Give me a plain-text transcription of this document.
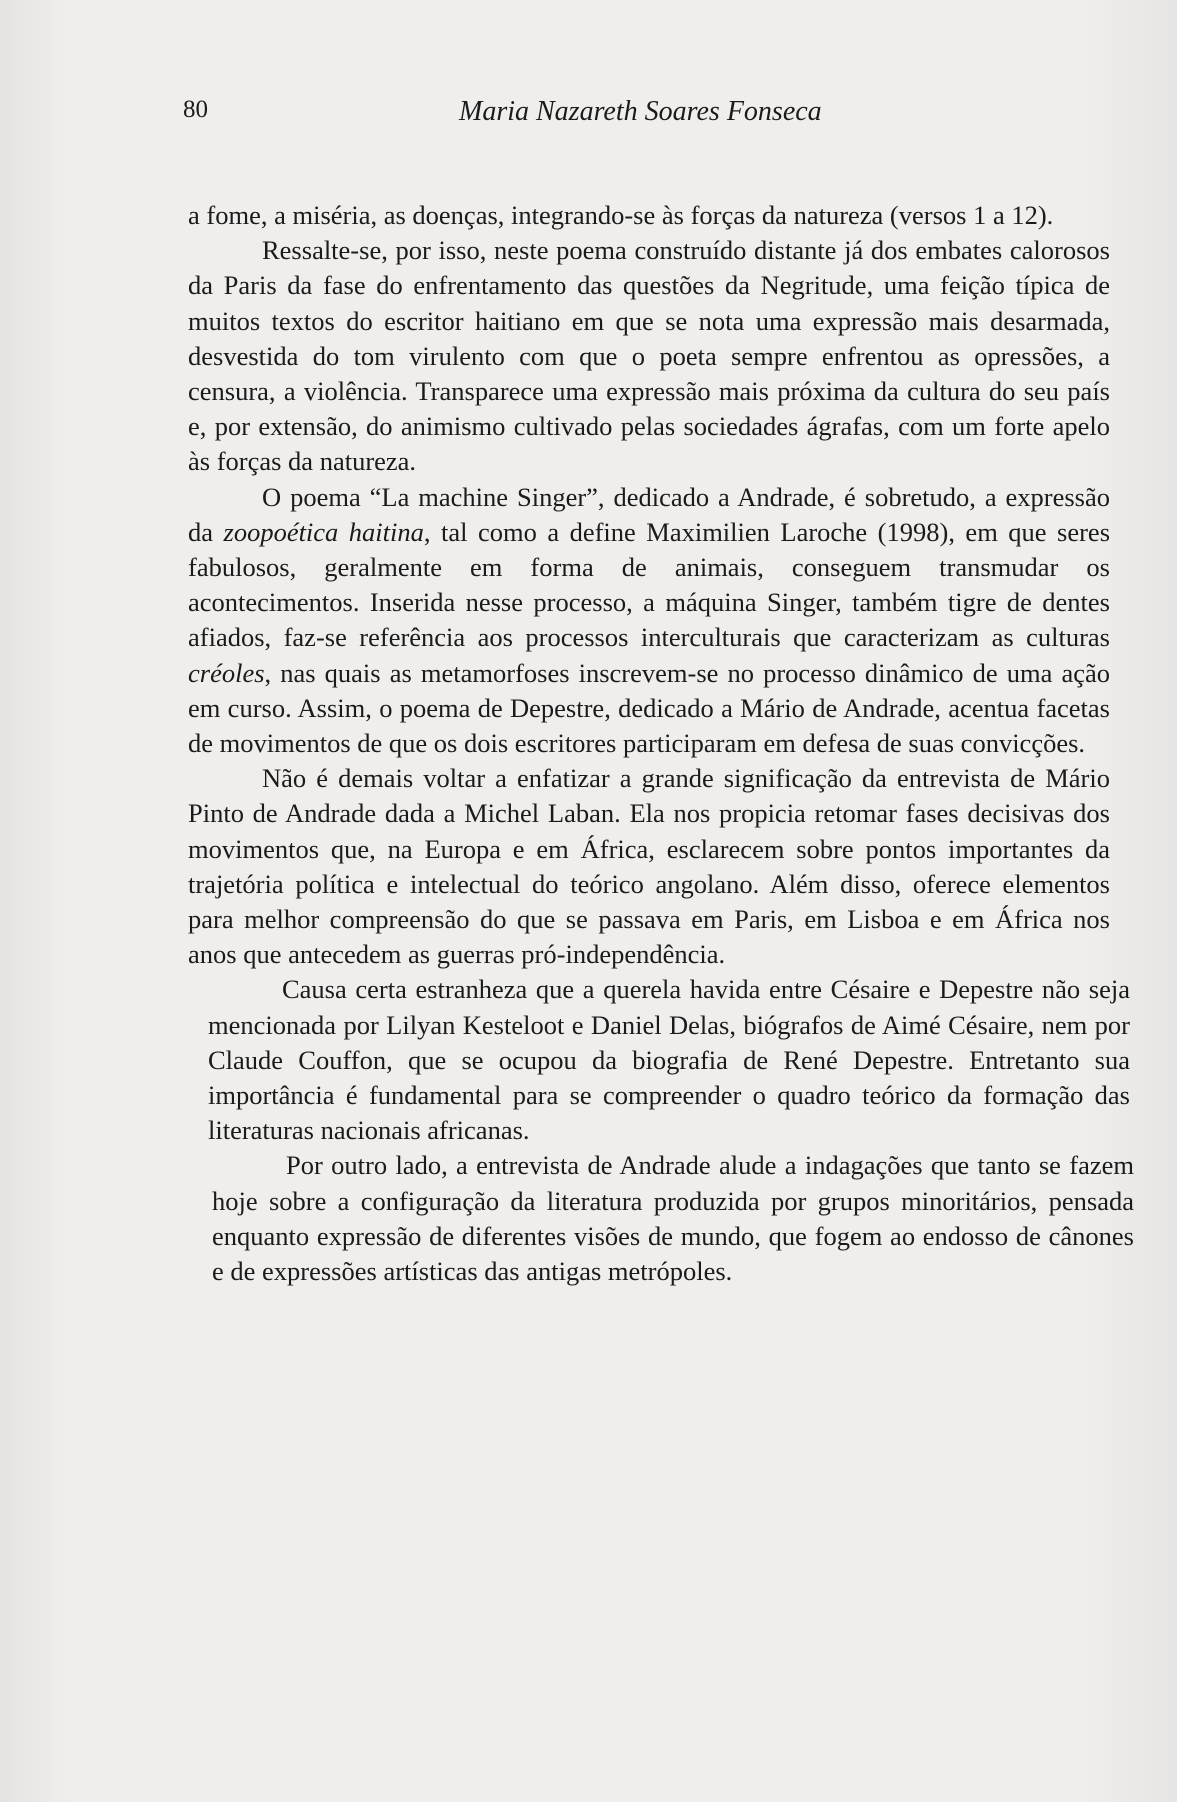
80	Maria Nazareth Soares Fonseca

a fome, a miséria, as doenças, integrando-se às forças da natureza (versos 1 a 12).

Ressalte-se, por isso, neste poema construído distante já dos embates calorosos da Paris da fase do enfrentamento das questões da Negritude, uma feição típica de muitos textos do escritor haitiano em que se nota uma expressão mais desarmada, desvestida do tom virulento com que o poeta sempre enfrentou as opressões, a censura, a violência. Transparece uma expressão mais próxima da cultura do seu país e, por extensão, do animismo cultivado pelas sociedades ágrafas, com um forte apelo às forças da natureza.

O poema “La machine Singer”, dedicado a Andrade, é sobretudo, a expressão da zoopoética haitina, tal como a define Maximilien Laroche (1998), em que seres fabulosos, geralmente em forma de animais, conseguem transmudar os acontecimentos. Inserida nesse processo, a máquina Singer, também tigre de dentes afiados, faz-se referência aos processos interculturais que caracterizam as culturas créoles, nas quais as metamorfoses inscrevem-se no processo dinâmico de uma ação em curso. Assim, o poema de Depestre, dedicado a Mário de Andrade, acentua facetas de movimentos de que os dois escritores participaram em defesa de suas convicções.

Não é demais voltar a enfatizar a grande significação da entrevista de Mário Pinto de Andrade dada a Michel Laban. Ela nos propicia retomar fases decisivas dos movimentos que, na Europa e em África, esclarecem sobre pontos importantes da trajetória política e intelectual do teórico angolano. Além disso, oferece elementos para melhor compreensão do que se passava em Paris, em Lisboa e em África nos anos que antecedem as guerras pró-independência.

Causa certa estranheza que a querela havida entre Césaire e Depestre não seja mencionada por Lilyan Kesteloot e Daniel Delas, biógrafos de Aimé Césaire, nem por Claude Couffon, que se ocupou da biografia de René Depestre. Entretanto sua importância é fundamental para se compreender o quadro teórico da formação das literaturas nacionais africanas.

Por outro lado, a entrevista de Andrade alude a indagações que tanto se fazem hoje sobre a configuração da literatura produzida por grupos minoritários, pensada enquanto expressão de diferentes visões de mundo, que fogem ao endosso de cânones e de expressões artísticas das antigas metrópoles.
